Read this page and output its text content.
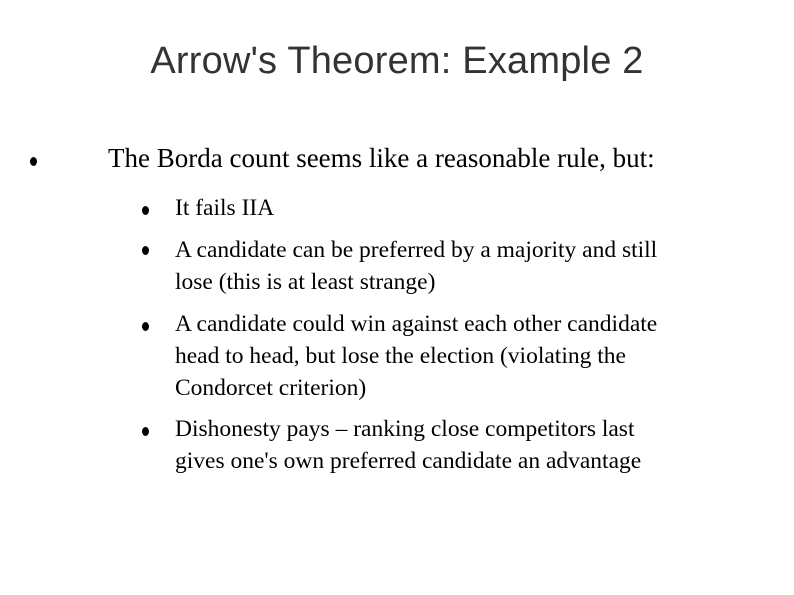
Arrow's Theorem: Example 2
The Borda count seems like a reasonable rule, but:
It fails IIA
A candidate can be preferred by a majority and still
lose (this is at least strange)
A candidate could win against each other candidate
head to head, but lose the election (violating the
Condorcet criterion)
Dishonesty pays – ranking close competitors last
gives one's own preferred candidate an advantage
